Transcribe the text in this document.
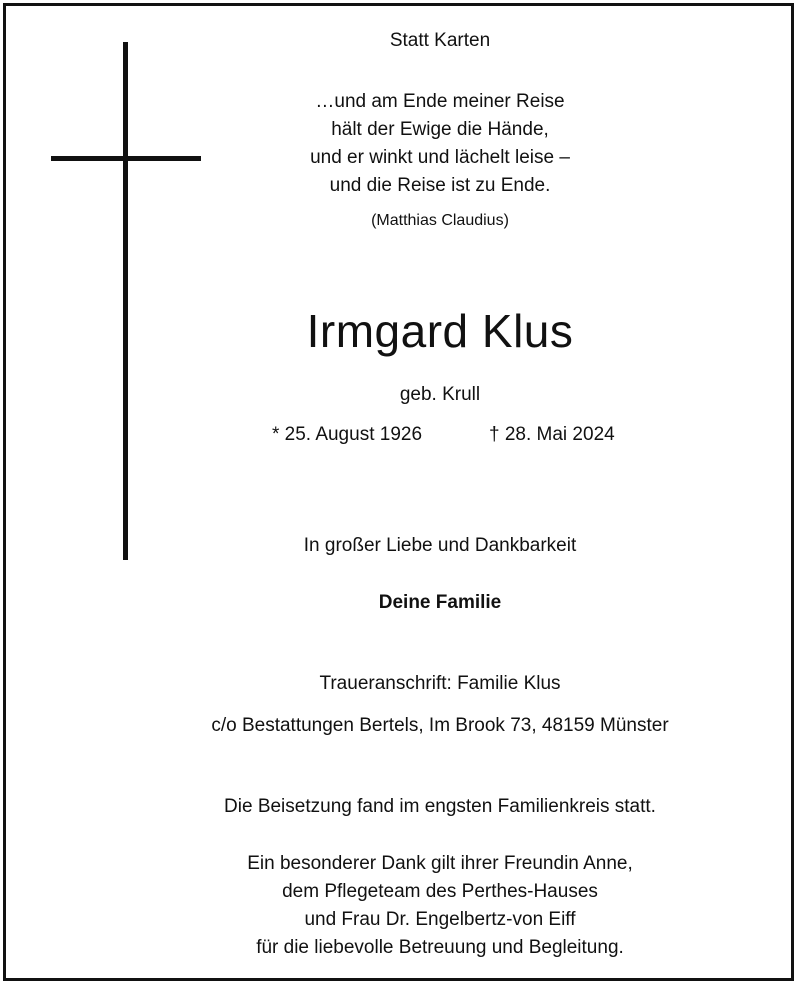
Statt Karten
…und am Ende meiner Reise
hält der Ewige die Hände,
und er winkt und lächelt leise –
und die Reise ist zu Ende.
(Matthias Claudius)
Irmgard Klus
geb. Krull
* 25. August 1926	† 28. Mai 2024
In großer Liebe und Dankbarkeit
Deine Familie
Traueranschrift: Familie Klus
c/o Bestattungen Bertels, Im Brook 73, 48159 Münster
Die Beisetzung fand im engsten Familienkreis statt.
Ein besonderer Dank gilt ihrer Freundin Anne,
dem Pflegeteam des Perthes-Hauses
und Frau Dr. Engelbertz-von Eiff
für die liebevolle Betreuung und Begleitung.
